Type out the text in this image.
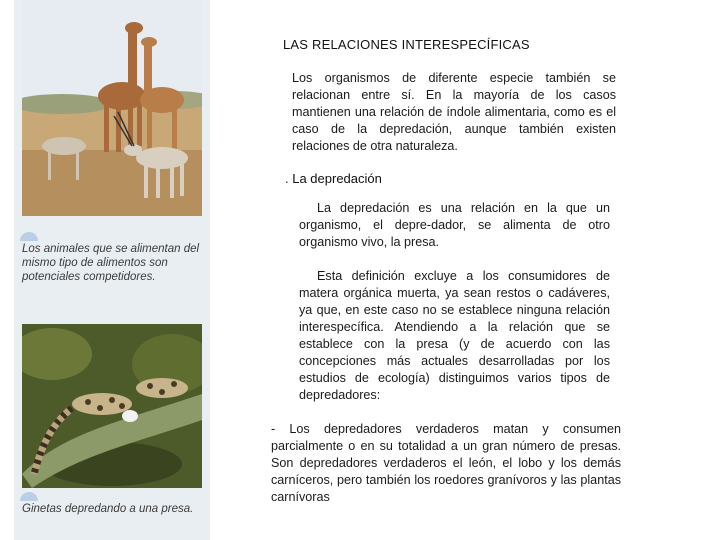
Los animales que se alimentan del mismo tipo de alimentos son potenciales competidores.
Ginetas depredando a una presa.
LAS RELACIONES INTERESPECÍFICAS

Los organismos de diferente especie también se relacionan entre sí. En la mayoría de los casos mantienen una relación de índole alimentaria, como es el caso de la depredación, aunque también existen relaciones de otra naturaleza.

. La depredación

La depredación es una relación en la que un organismo, el depre-dador, se alimenta de otro organismo vivo, la presa.

Esta definición excluye a los consumidores de matera orgánica muerta, ya sean restos o cadáveres, ya que, en este caso no se establece ninguna relación interespecífica. Atendiendo a la relación que se establece con la presa (y de acuerdo con las concepciones más actuales desarrolladas por los estudios de ecología) distinguimos varios tipos de depredadores:

- Los depredadores verdaderos matan y consumen parcialmente o en su totalidad a un gran número de presas. Son depredadores verdaderos el león, el lobo y los demás carníceros, pero también los roedores granívoros y las plantas carnívoras
